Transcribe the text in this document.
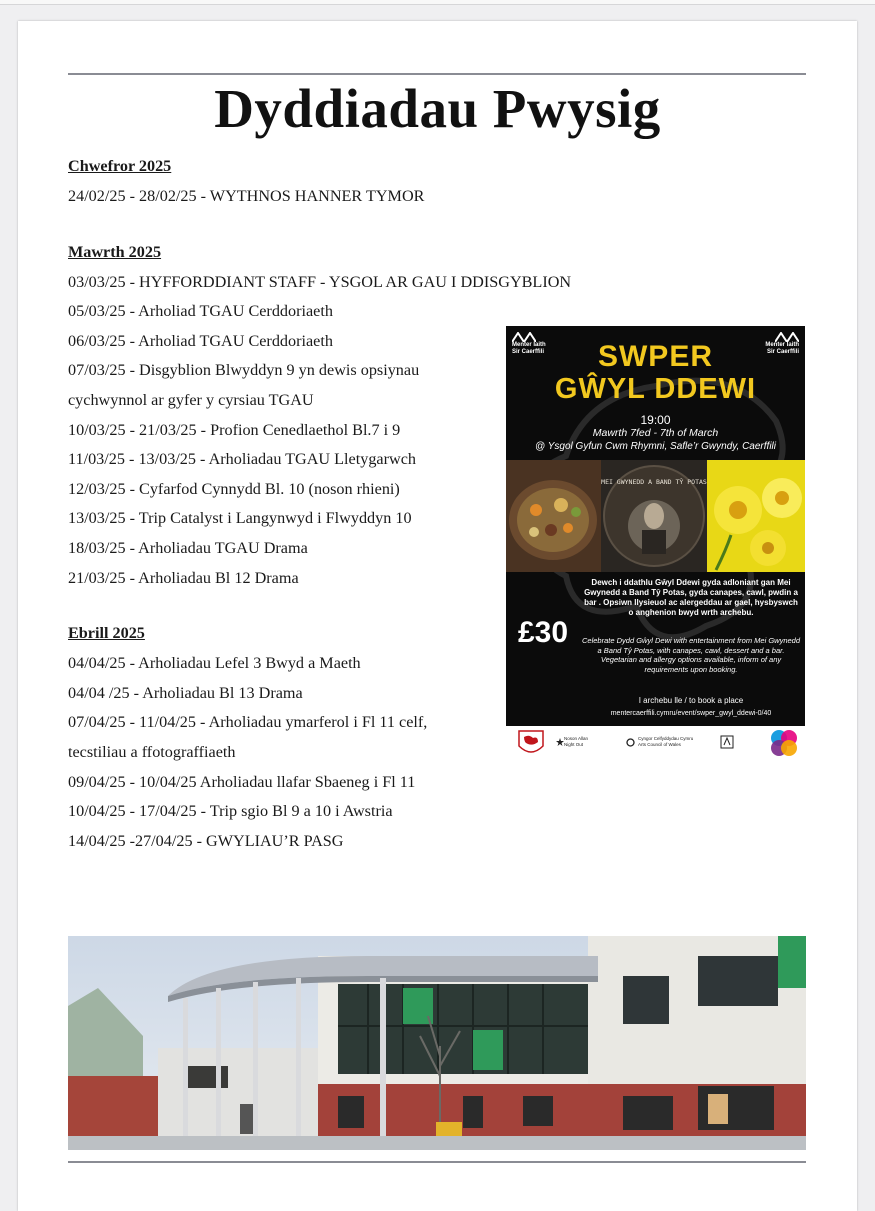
Dyddiadau Pwysig
Chwefror 2025
24/02/25 - 28/02/25 - WYTHNOS HANNER TYMOR
Mawrth 2025
03/03/25 - HYFFORDDIANT STAFF - YSGOL AR GAU I DDISGYBLION
05/03/25 - Arholiad TGAU Cerddoriaeth
06/03/25 - Arholiad TGAU Cerddoriaeth
07/03/25 - Disgyblion Blwyddyn 9 yn dewis opsiynau
cychwynnol ar gyfer y cyrsiau TGAU
10/03/25 - 21/03/25 - Profion Cenedlaethol Bl.7 i 9
11/03/25 - 13/03/25 - Arholiadau TGAU Lletygarwch
12/03/25 - Cyfarfod Cynnydd Bl. 10 (noson rhieni)
13/03/25 - Trip Catalyst i Langynwyd i Flwyddyn 10
18/03/25 - Arholiadau TGAU Drama
21/03/25 - Arholiadau Bl 12 Drama
Ebrill 2025
04/04/25 - Arholiadau Lefel 3 Bwyd a Maeth
04/04 /25 - Arholiadau Bl 13 Drama
07/04/25 - 11/04/25 - Arholiadau ymarferol i Fl 11 celf,
tecstiliau a ffotograffiaeth
09/04/25 - 10/04/25 Arholiadau llafar Sbaeneg i Fl 11
10/04/25 - 17/04/25 - Trip sgio Bl 9 a 10 i Awstria
14/04/25 -27/04/25 - GWYLIAU’R PASG
Menter Iaith
Sir Caerffili
Menter Iaith
Sir Caerffili
SWPER
GŴYL DDEWI
19:00
Mawrth 7fed - 7th of March
@ Ysgol Gyfun Cwm Rhymni, Safle’r Gwyndy, Caerffili
MEI GWYNEDD A BAND TŶ POTAS
£30
Dewch i ddathlu Gŵyl Ddewi gyda adloniant gan Mei Gwynedd a Band Tŷ Potas, gyda canapes, cawl, pwdin a bar . Opsiwn llysieuol ac alergeddau ar gael, hysbyswch o anghenion bwyd wrth archebu.
Celebrate Dydd Gŵyl Dewi with entertainment from Mei Gwynedd a Band Tŷ Potas, with canapes, cawl, dessert and a bar. Vegetarian and allergy options available, inform of any requirements upon booking.
I archebu lle / to book a place
mentercaerffili.cymru/event/swper_gwyl_ddewi-0/40
Noson Allan
Night Out
Cyngor Celfyddydau Cymru
Arts Council of Wales
